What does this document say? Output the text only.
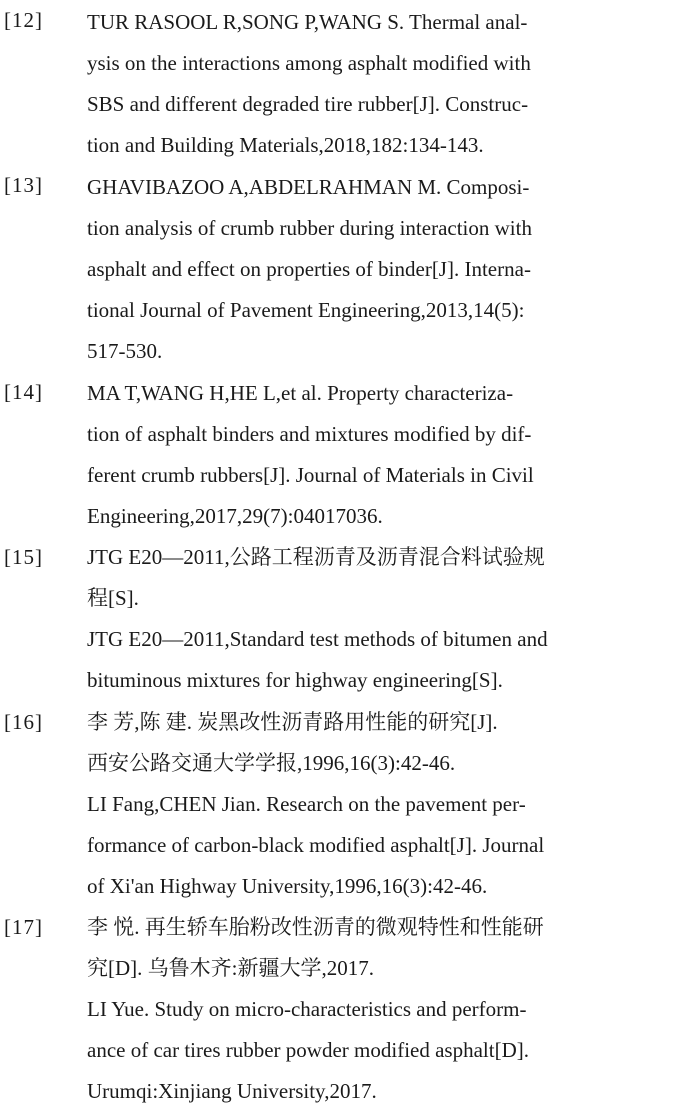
[12] TUR RASOOL R,SONG P,WANG S. Thermal anal-
ysis on the interactions among asphalt modified with
SBS and different degraded tire rubber[J]. Construc-
tion and Building Materials,2018,182:134-143.
[13] GHAVIBAZOO A,ABDELRAHMAN M. Composi-
tion analysis of crumb rubber during interaction with
asphalt and effect on properties of binder[J]. Interna-
tional Journal of Pavement Engineering,2013,14(5):
517-530.
[14] MA T,WANG H,HE L,et al. Property characteriza-
tion of asphalt binders and mixtures modified by dif-
ferent crumb rubbers[J]. Journal of Materials in Civil
Engineering,2017,29(7):04017036.
[15] JTG E20—2011,公路工程沥青及沥青混合料试验规
程[S].
JTG E20—2011,Standard test methods of bitumen and
bituminous mixtures for highway engineering[S].
[16] 李 芳,陈 建. 炭黑改性沥青路用性能的研究[J].
西安公路交通大学学报,1996,16(3):42-46.
LI Fang,CHEN Jian. Research on the pavement per-
formance of carbon-black modified asphalt[J]. Journal
of Xi'an Highway University,1996,16(3):42-46.
[17] 李 悦. 再生轿车胎粉改性沥青的微观特性和性能研
究[D]. 乌鲁木齐:新疆大学,2017.
LI Yue. Study on micro-characteristics and perform-
ance of car tires rubber powder modified asphalt[D].
Urumqi:Xinjiang University,2017.
